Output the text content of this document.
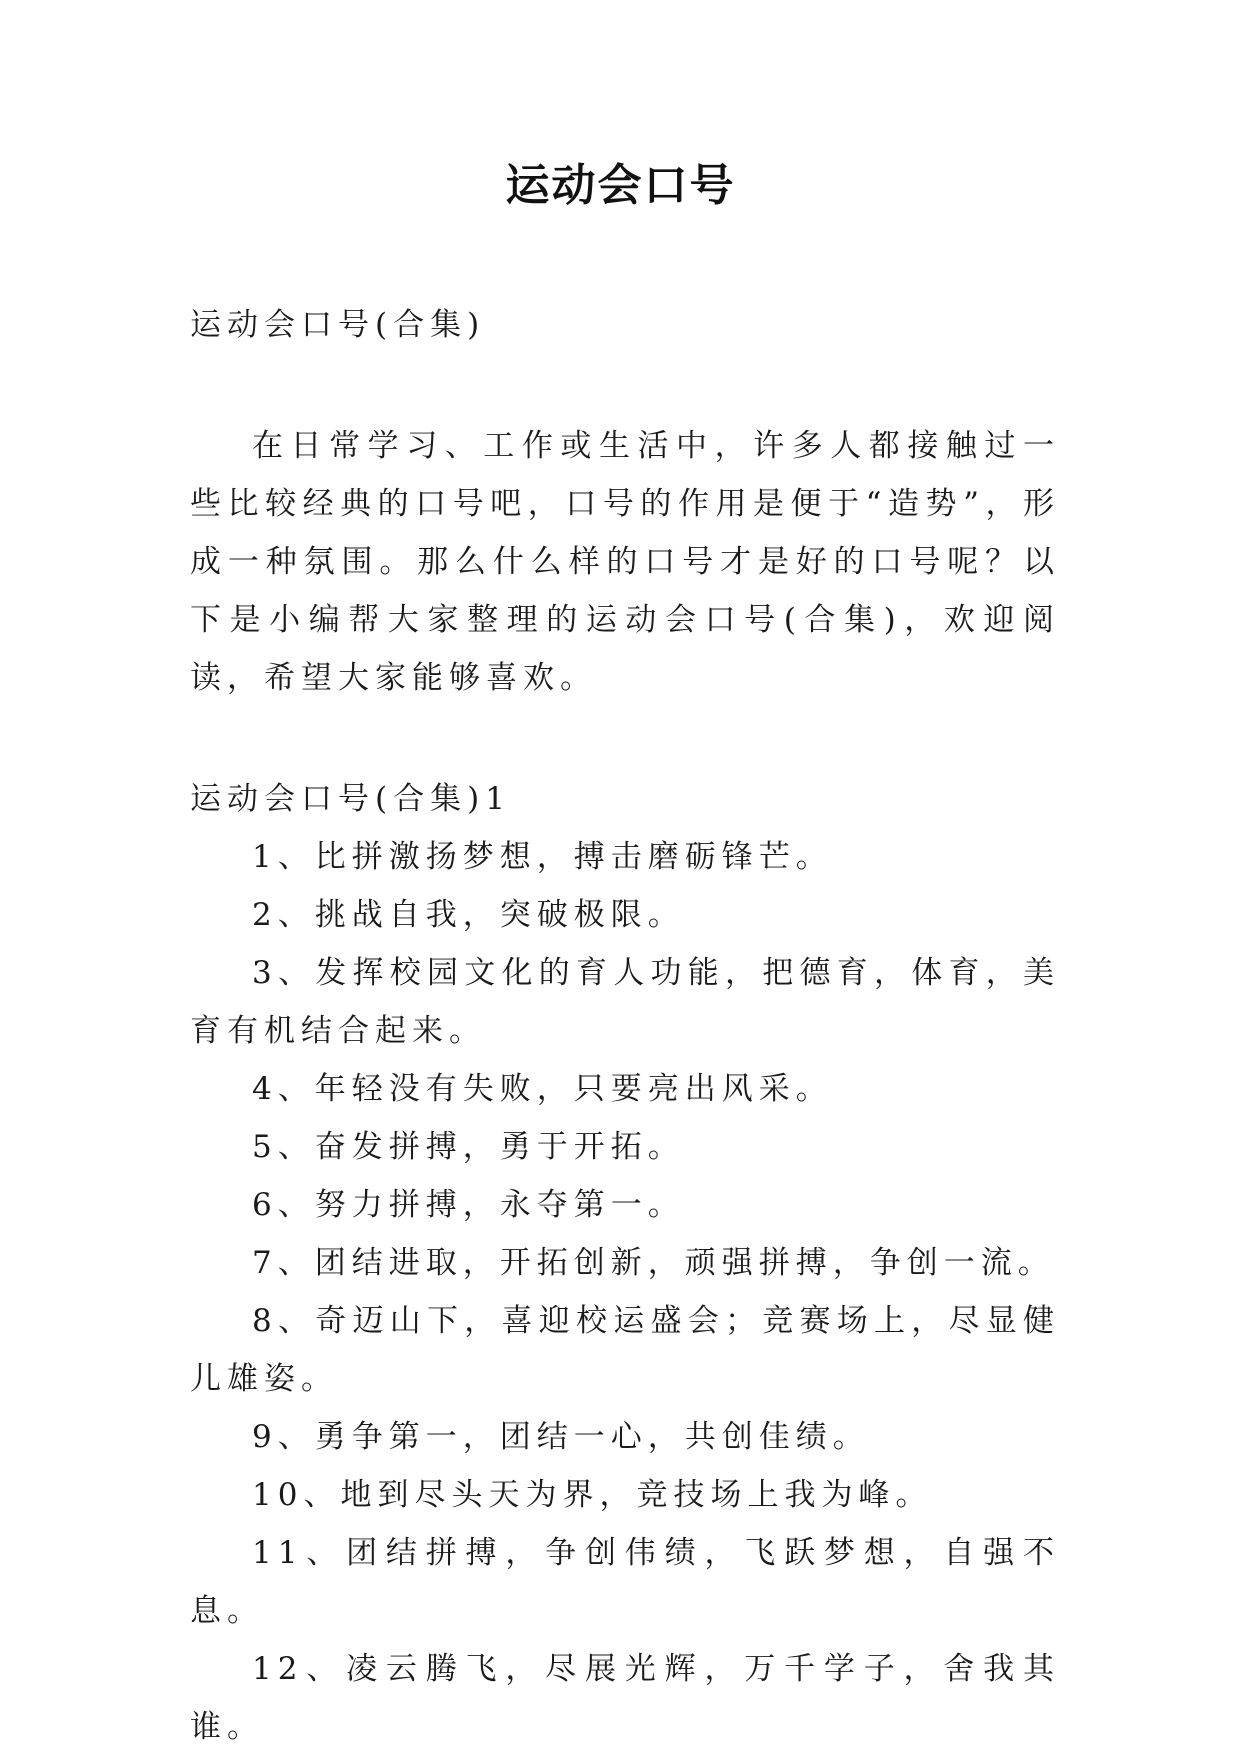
运动会口号

运动会口号(合集)

在日常学习、工作或生活中，许多人都接触过一些比较经典的口号吧，口号的作用是便于“造势”，形成一种氛围。那么什么样的口号才是好的口号呢？以下是小编帮大家整理的运动会口号(合集)，欢迎阅读，希望大家能够喜欢。

运动会口号(合集)1

1、比拼激扬梦想，搏击磨砺锋芒。

2、挑战自我，突破极限。

3、发挥校园文化的育人功能，把德育，体育，美育有机结合起来。

4、年轻没有失败，只要亮出风采。

5、奋发拼搏，勇于开拓。

6、努力拼搏，永夺第一。

7、团结进取，开拓创新，顽强拼搏，争创一流。

8、奇迈山下，喜迎校运盛会；竞赛场上，尽显健儿雄姿。

9、勇争第一，团结一心，共创佳绩。

10、地到尽头天为界，竞技场上我为峰。

11、团结拼搏，争创伟绩，飞跃梦想，自强不息。

12、凌云腾飞，尽展光辉，万千学子，舍我其谁。
